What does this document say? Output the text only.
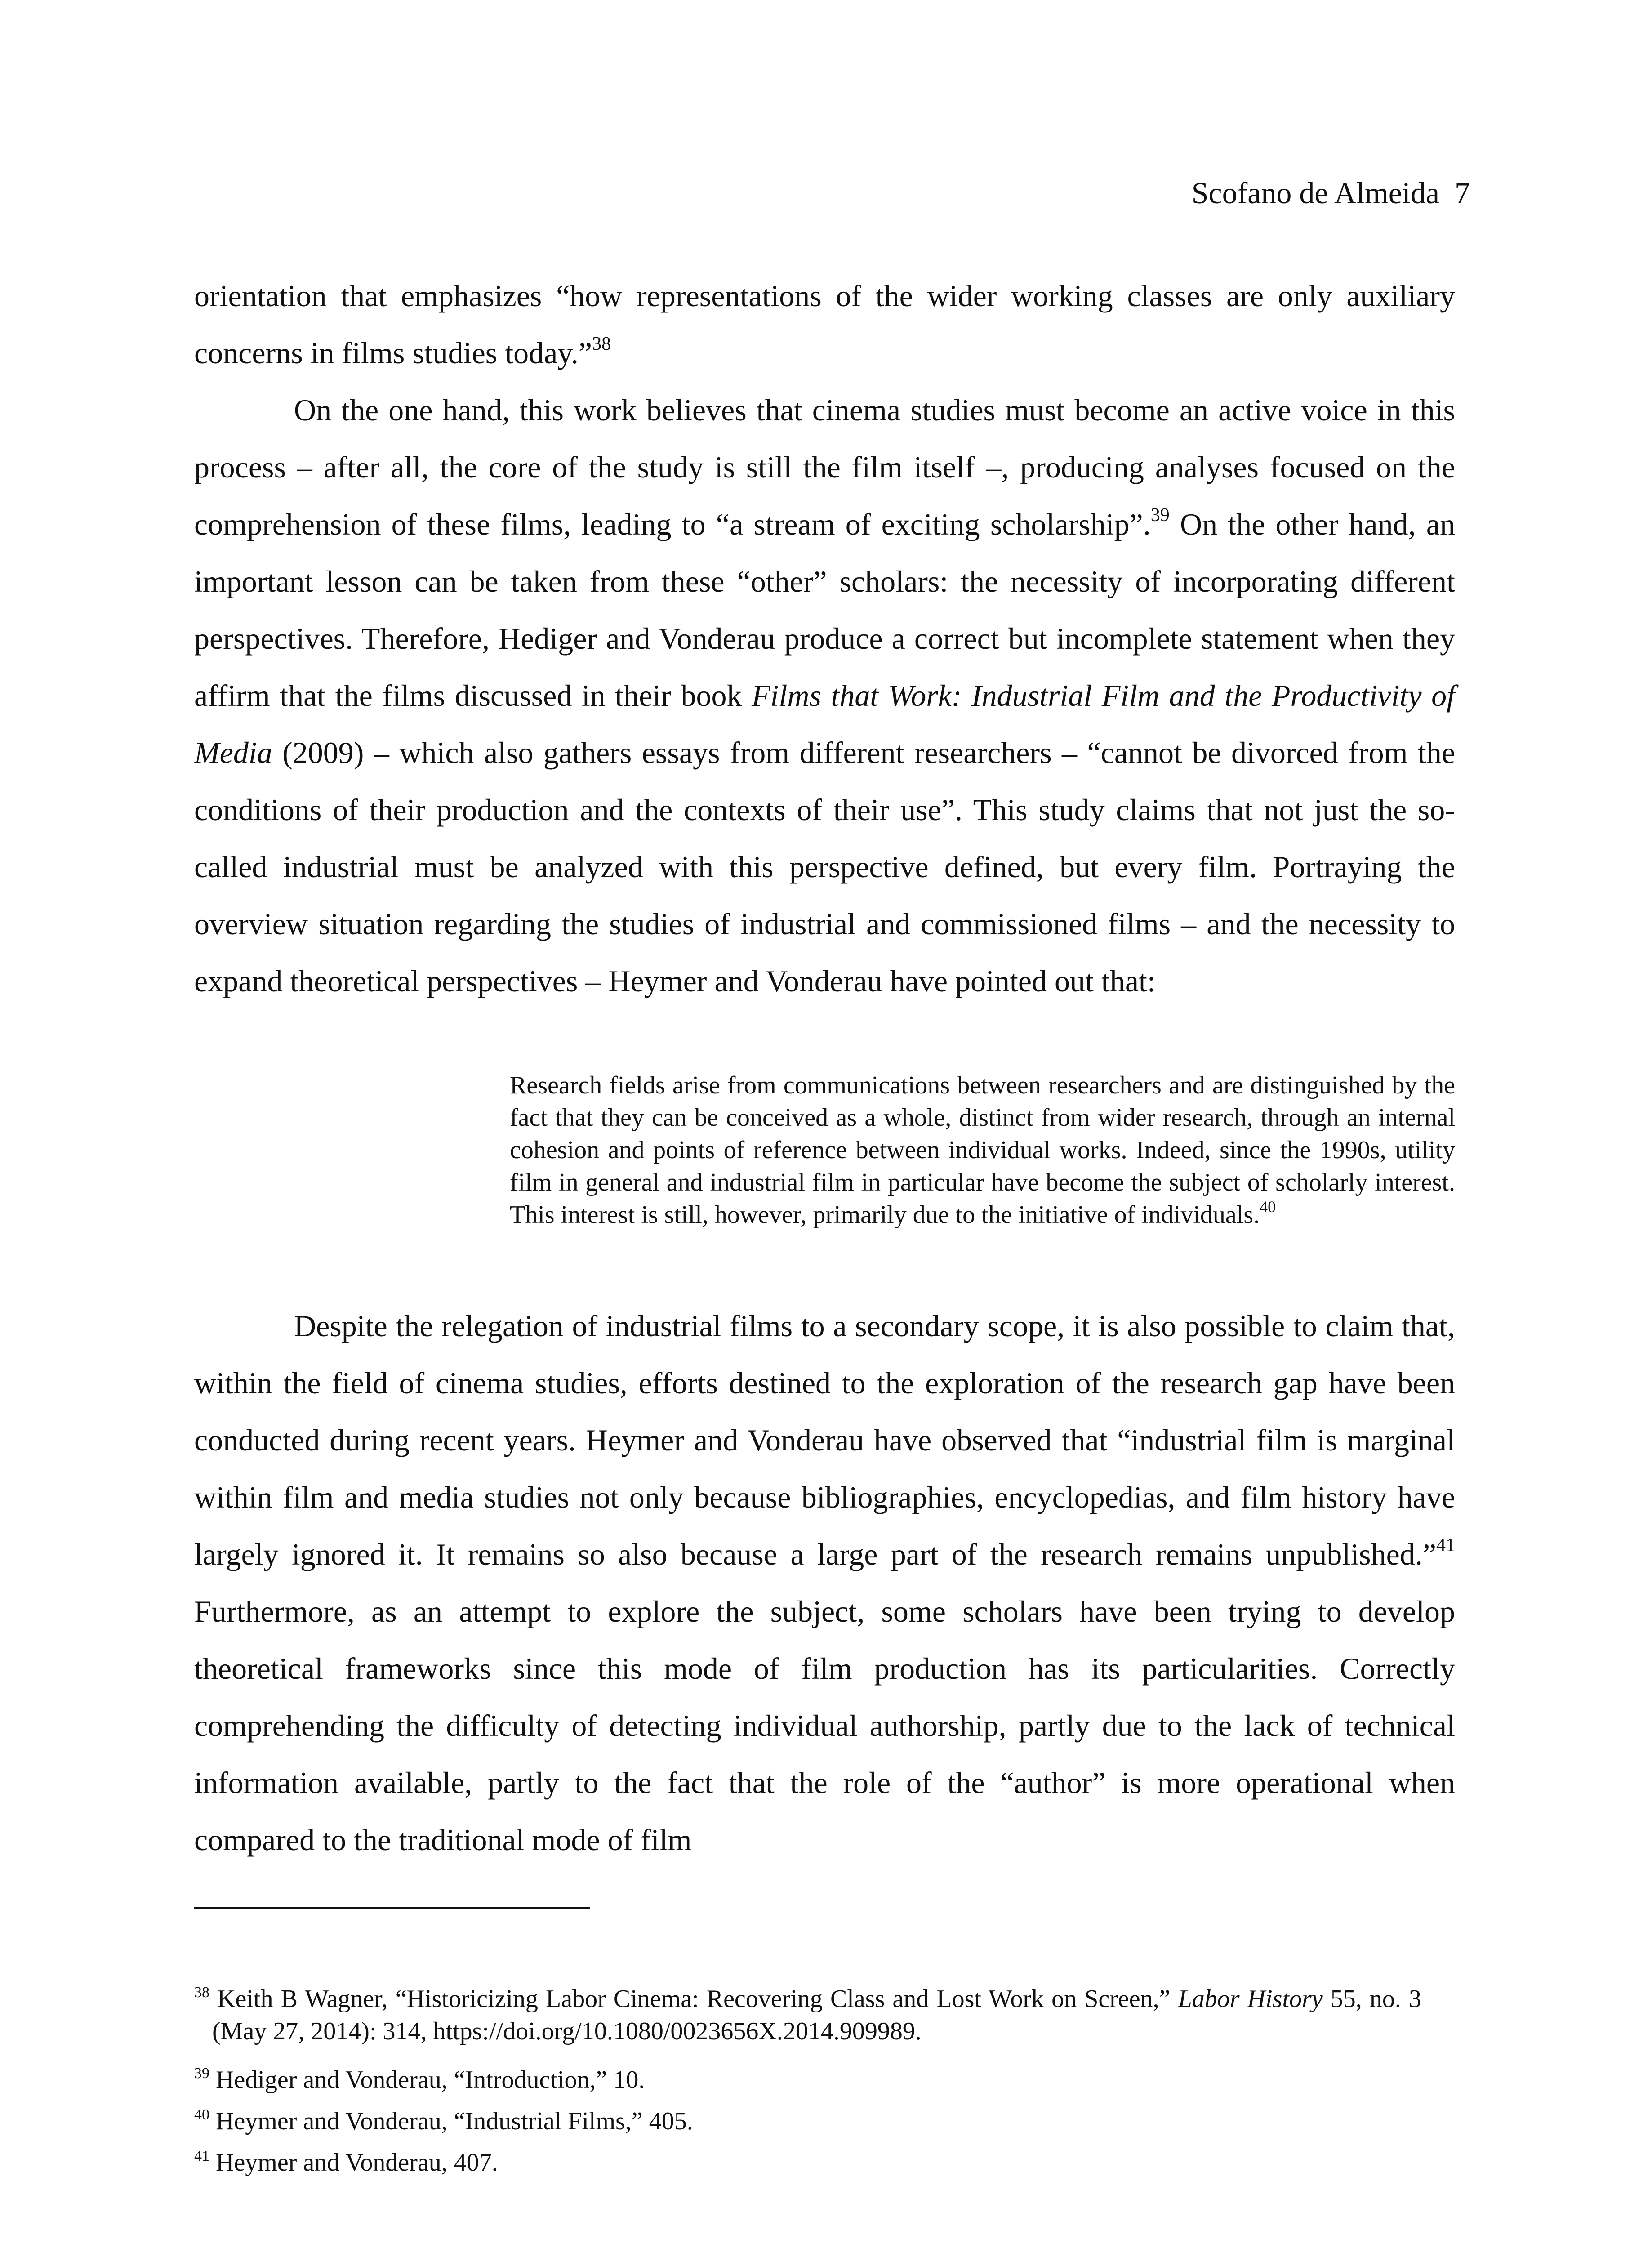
Scofano de Almeida 7

orientation that emphasizes “how representations of the wider working classes are only auxiliary concerns in films studies today.”$^{38}$

On the one hand, this work believes that cinema studies must become an active voice in this process – after all, the core of the study is still the film itself –, producing analyses focused on the comprehension of these films, leading to “a stream of exciting scholarship”.$^{39}$ On the other hand, an important lesson can be taken from these “other” scholars: the necessity of incorporating different perspectives. Therefore, Hediger and Vonderau produce a correct but incomplete statement when they affirm that the films discussed in their book Films that Work: Industrial Film and the Productivity of Media (2009) – which also gathers essays from different researchers – “cannot be divorced from the conditions of their production and the contexts of their use”. This study claims that not just the so-called industrial must be analyzed with this perspective defined, but every film. Portraying the overview situation regarding the studies of industrial and commissioned films – and the necessity to expand theoretical perspectives – Heymer and Vonderau have pointed out that:

Research fields arise from communications between researchers and are distinguished by the fact that they can be conceived as a whole, distinct from wider research, through an internal cohesion and points of reference between individual works. Indeed, since the 1990s, utility film in general and industrial film in particular have become the subject of scholarly interest. This interest is still, however, primarily due to the initiative of individuals.$^{40}$

Despite the relegation of industrial films to a secondary scope, it is also possible to claim that, within the field of cinema studies, efforts destined to the exploration of the research gap have been conducted during recent years. Heymer and Vonderau have observed that “industrial film is marginal within film and media studies not only because bibliographies, encyclopedias, and film history have largely ignored it. It remains so also because a large part of the research remains unpublished.”$^{41}$ Furthermore, as an attempt to explore the subject, some scholars have been trying to develop theoretical frameworks since this mode of film production has its particularities. Correctly comprehending the difficulty of detecting individual authorship, partly due to the lack of technical information available, partly to the fact that the role of the “author” is more operational when compared to the traditional mode of film

$^{38}$ Keith B Wagner, “Historicizing Labor Cinema: Recovering Class and Lost Work on Screen,” Labor History 55, no. 3 (May 27, 2014): 314, https://doi.org/10.1080/0023656X.2014.909989.

$^{39}$ Hediger and Vonderau, “Introduction,” 10.

$^{40}$ Heymer and Vonderau, “Industrial Films,” 405.

$^{41}$ Heymer and Vonderau, 407.
